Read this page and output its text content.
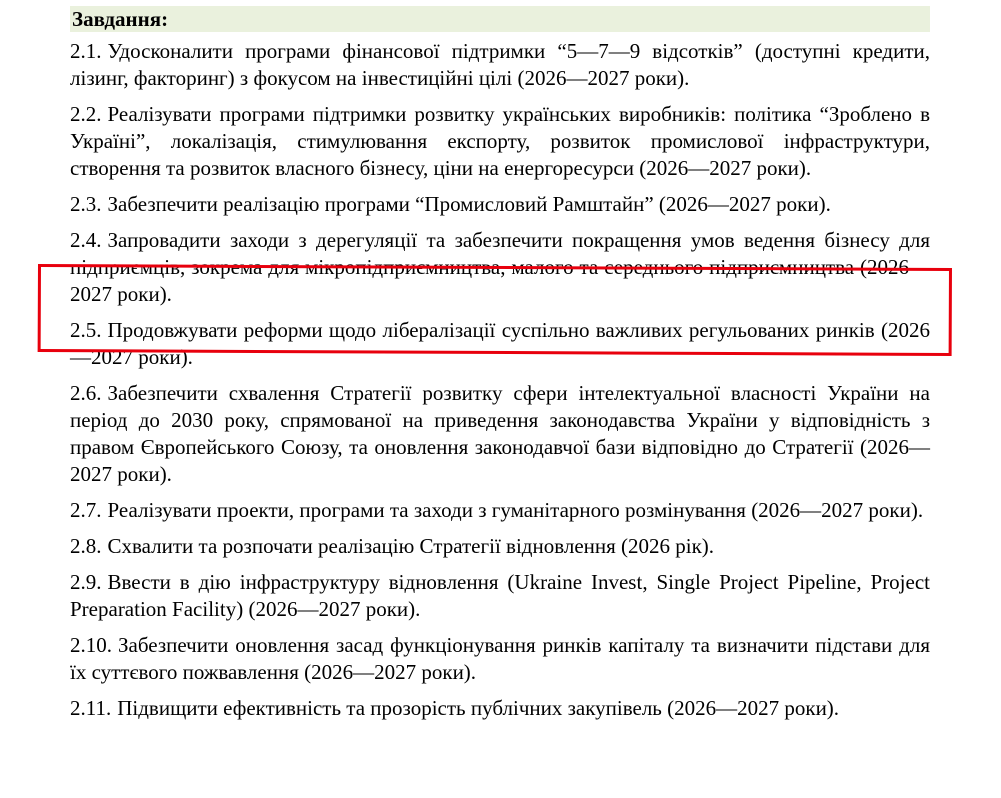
Завдання:

2.1. Удосконалити програми фінансової підтримки “5—7—9 відсотків” (доступні кредити, лізинг, факторинг) з фокусом на інвестиційні цілі (2026—2027 роки).

2.2. Реалізувати програми підтримки розвитку українських виробників: політика “Зроблено в Україні”, локалізація, стимулювання експорту, розвиток промислової інфраструктури, створення та розвиток власного бізнесу, ціни на енергоресурси (2026—2027 роки).

2.3. Забезпечити реалізацію програми “Промисловий Рамштайн” (2026—2027 роки).

2.4. Запровадити заходи з дерегуляції та забезпечити покращення умов ведення бізнесу для підприємців, зокрема для мікропідприємництва, малого та середнього підприємництва (2026—2027 роки).

2.5. Продовжувати реформи щодо лібералізації суспільно важливих регульованих ринків (2026—2027 роки).

2.6. Забезпечити схвалення Стратегії розвитку сфери інтелектуальної власності України на період до 2030 року, спрямованої на приведення законодавства України у відповідність з правом Європейського Союзу, та оновлення законодавчої бази відповідно до Стратегії (2026—2027 роки).

2.7. Реалізувати проекти, програми та заходи з гуманітарного розмінування (2026—2027 роки).

2.8. Схвалити та розпочати реалізацію Стратегії відновлення (2026 рік).

2.9. Ввести в дію інфраструктуру відновлення (Ukraine Invest, Single Project Pipeline, Project Preparation Facility) (2026—2027 роки).

2.10. Забезпечити оновлення засад функціонування ринків капіталу та визначити підстави для їх суттєвого пожвавлення (2026—2027 роки).

2.11. Підвищити ефективність та прозорість публічних закупівель (2026—2027 роки).
